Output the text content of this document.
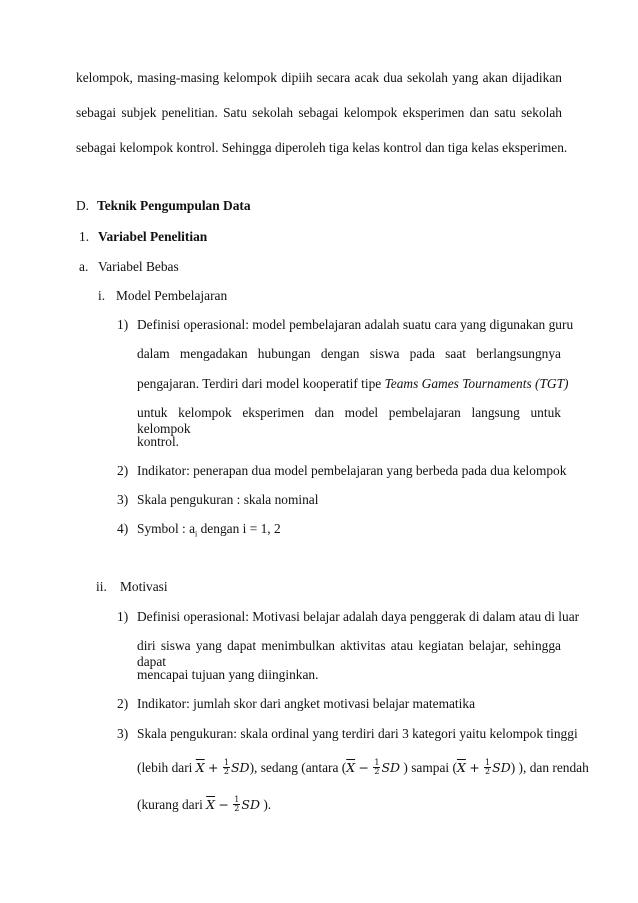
kelompok, masing-masing kelompok dipiih secara acak dua sekolah yang akan dijadikan
sebagai subjek penelitian. Satu sekolah sebagai kelompok eksperimen dan satu sekolah
sebagai kelompok kontrol. Sehingga diperoleh tiga kelas kontrol dan tiga kelas eksperimen.
D. Teknik Pengumpulan Data
1. Variabel Penelitian
a. Variabel Bebas
i. Model Pembelajaran
1) Definisi operasional: model pembelajaran adalah suatu cara yang digunakan guru
dalam mengadakan hubungan dengan siswa pada saat berlangsungnya
pengajaran. Terdiri dari model kooperatif tipe Teams Games Tournaments (TGT)
untuk kelompok eksperimen dan model pembelajaran langsung untuk kelompok
kontrol.
2) Indikator: penerapan dua model pembelajaran yang berbeda pada dua kelompok
3) Skala pengukuran : skala nominal
4) Symbol : $a_i$ dengan i = 1, 2
ii. Motivasi
1) Definisi operasional: Motivasi belajar adalah daya penggerak di dalam atau di luar
diri siswa yang dapat menimbulkan aktivitas atau kegiatan belajar, sehingga dapat
mencapai tujuan yang diinginkan.
2) Indikator: jumlah skor dari angket motivasi belajar matematika
3) Skala pengukuran: skala ordinal yang terdiri dari 3 kategori yaitu kelompok tinggi
(lebih dari $\overline{X} + \frac{1}{2} SD$), sedang (antara ($\overline{X} - \frac{1}{2}$ SD ) sampai $(\overline{X} + \frac{1}{2} SD)$ ), dan rendah
(kurang dari $\overline{X} - \frac{1}{2}$ SD ).
